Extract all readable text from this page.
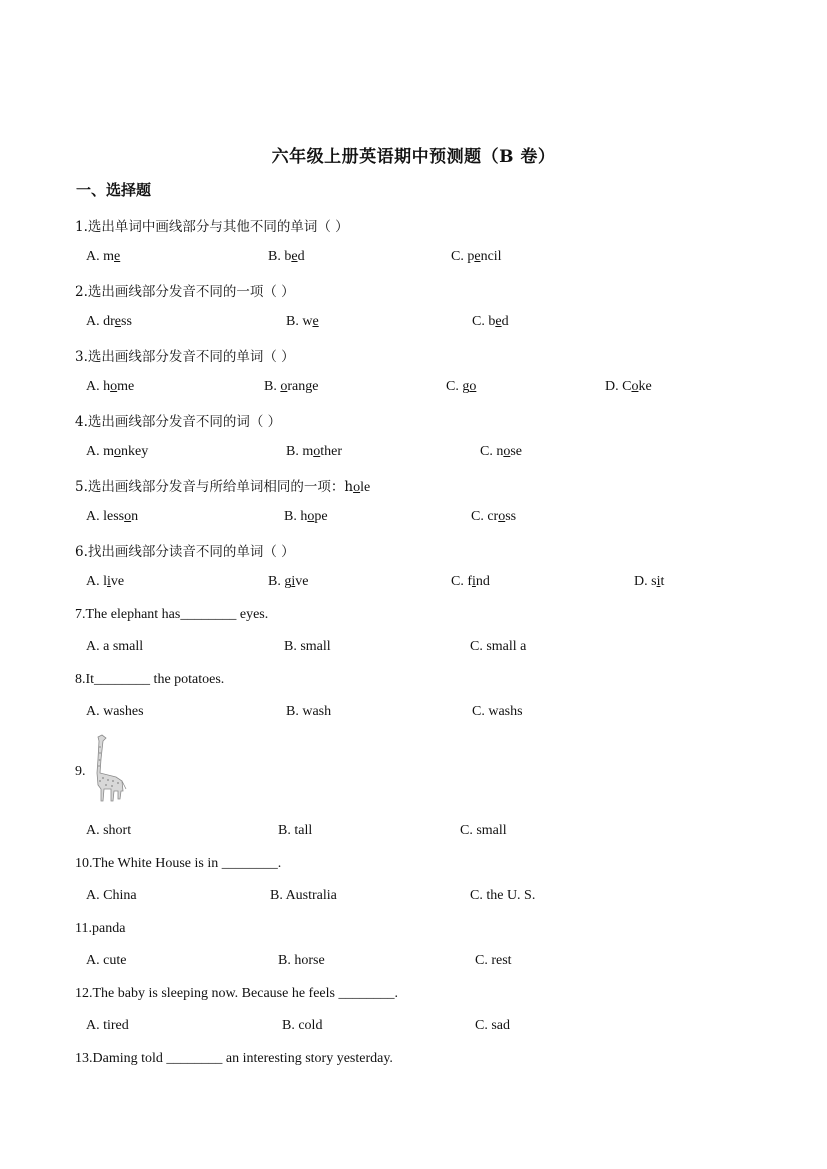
六年级上册英语期中预测题（B 卷）
一、选择题
1.选出单词中画线部分与其他不同的单词（ ）
A. me	B. bed	C. pencil
2.选出画线部分发音不同的一项（ ）
A. dress	B. we	C. bed
3.选出画线部分发音不同的单词（ ）
A. home	B. orange	C. go	D. Coke
4.选出画线部分发音不同的词（ ）
A. monkey	B. mother	C. nose
5.选出画线部分发音与所给单词相同的一项：hole
A. lesson	B. hope	C. cross
6.找出画线部分读音不同的单词（ ）
A. live	B. give	C. find	D. sit
7.The elephant has________ eyes.
A. a small	B. small	C. small a
8.It________ the potatoes.
A. washes	B. wash	C. washs
9.
A. short	B. tall	C. small
10.The White House is in ________.
A. China	B. Australia	C. the U. S.
11.panda
A. cute	B. horse	C. rest
12.The baby is sleeping now. Because he feels ________.
A. tired	B. cold	C. sad
13.Daming told ________ an interesting story yesterday.
